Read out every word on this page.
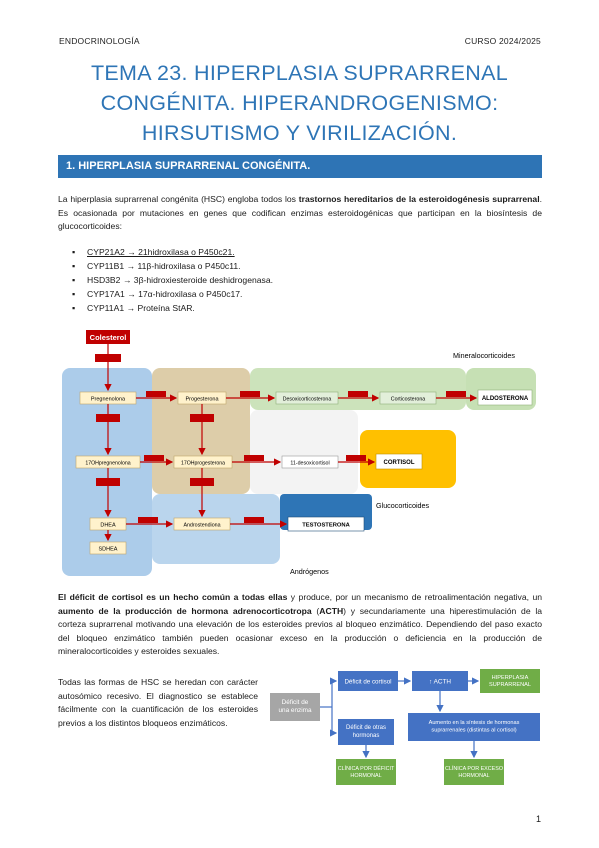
ENDOCRINOLOGÍA	CURSO 2024/2025
TEMA 23. HIPERPLASIA SUPRARRENAL
CONGÉNITA. HIPERANDROGENISMO:
HIRSUTISMO Y VIRILIZACIÓN.
1. HIPERPLASIA SUPRARRENAL CONGÉNITA.
La hiperplasia suprarrenal congénita (HSC) engloba todos los trastornos hereditarios de la esteroidogénesis suprarrenal. Es ocasionada por mutaciones en genes que codifican enzimas esteroidogénicas que participan en la biosíntesis de glucocorticoides:
▪ CYP21A2 → 21hidroxilasa o P450c21.
▪ CYP11B1 → 11β-hidroxilasa o P450c11.
▪ HSD3B2 → 3β-hidroxiesteroide deshidrogenasa.
▪ CYP17A1 → 17α-hidroxilasa o P450c17.
▪ CYP11A1 → Proteína StAR.
Colesterol
Pregnenolona	Progesterona	Desoxicorticosterona	Corticosterona	ALDOSTERONA
Mineralocorticoides
17OHpregnenolona	17OHprogesterona	11-desoxicortisol	CORTISOL
Glucocorticoides
DHEA	Androstendiona	TESTOSTERONA
Andrógenos
SDHEA
El déficit de cortisol es un hecho común a todas ellas y produce, por un mecanismo de retroalimentación negativa, un aumento de la producción de hormona adrenocorticotropa (ACTH) y secundariamente una hiperestimulación de la corteza suprarrenal motivando una elevación de los esteroides previos al bloqueo enzimático. Dependiendo del paso exacto del bloqueo enzimático también pueden ocasionar exceso en la producción o deficiencia en la producción de mineralocorticoides y esteroides sexuales.
Todas las formas de HSC se heredan con carácter autosómico recesivo. El diagnostico se establece fácilmente con la cuantificación de los esteroides previos a los distintos bloqueos enzimáticos.
Déficit de una enzima
Déficit de cortisol	↑ ACTH
HIPERPLASIA SUPRARRENAL
Déficit de otras hormonas
Aumento en la síntesis de hormonas suprarrenales (distintas al cortisol)
CLÍNICA POR DÉFICIT HORMONAL
CLÍNICA POR EXCESO HORMONAL
1
